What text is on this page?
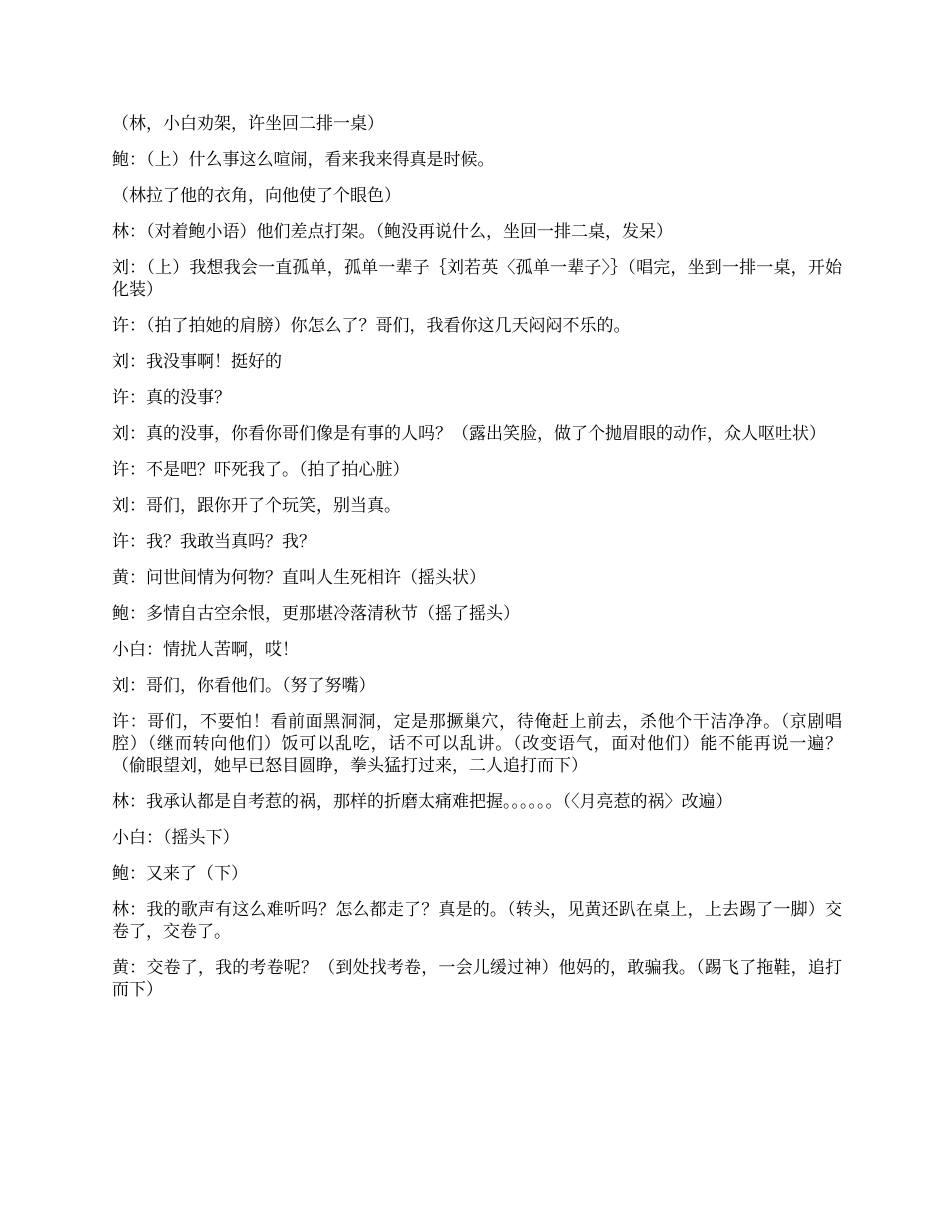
（林，小白劝架，许坐回二排一桌）

鲍：（上）什么事这么喧闹，看来我来得真是时候。

（林拉了他的衣角，向他使了个眼色）

林：（对着鲍小语）他们差点打架。（鲍没再说什么，坐回一排二桌，发呆）

刘：（上）我想我会一直孤单，孤单一辈子｛刘若英〈孤单一辈子〉｝（唱完，坐到一排一桌，开始化装）

许：（拍了拍她的肩膀）你怎么了？哥们，我看你这几天闷闷不乐的。

刘：我没事啊！挺好的

许：真的没事？

刘：真的没事，你看你哥们像是有事的人吗？（露出笑脸，做了个抛眉眼的动作，众人呕吐状）

许：不是吧？吓死我了。（拍了拍心脏）

刘：哥们，跟你开了个玩笑，别当真。

许：我？我敢当真吗？我？

黄：问世间情为何物？直叫人生死相许（摇头状）

鲍：多情自古空余恨，更那堪冷落清秋节（摇了摇头）

小白：情扰人苦啊，哎！

刘：哥们，你看他们。（努了努嘴）

许：哥们，不要怕！看前面黑洞洞，定是那撅巢穴，待俺赶上前去，杀他个干洁净净。（京剧唱腔）（继而转向他们）饭可以乱吃，话不可以乱讲。（改变语气，面对他们）能不能再说一遍？（偷眼望刘，她早已怒目圆睁，拳头猛打过来，二人追打而下）

林：我承认都是自考惹的祸，那样的折磨太痛难把握。。。。。。（〈月亮惹的祸〉改遍）

小白：（摇头下）

鲍：又来了（下）

林：我的歌声有这么难听吗？怎么都走了？真是的。（转头，见黄还趴在桌上，上去踢了一脚）交卷了，交卷了。

黄：交卷了，我的考卷呢？（到处找考卷，一会儿缓过神）他妈的，敢骗我。（踢飞了拖鞋，追打而下）
